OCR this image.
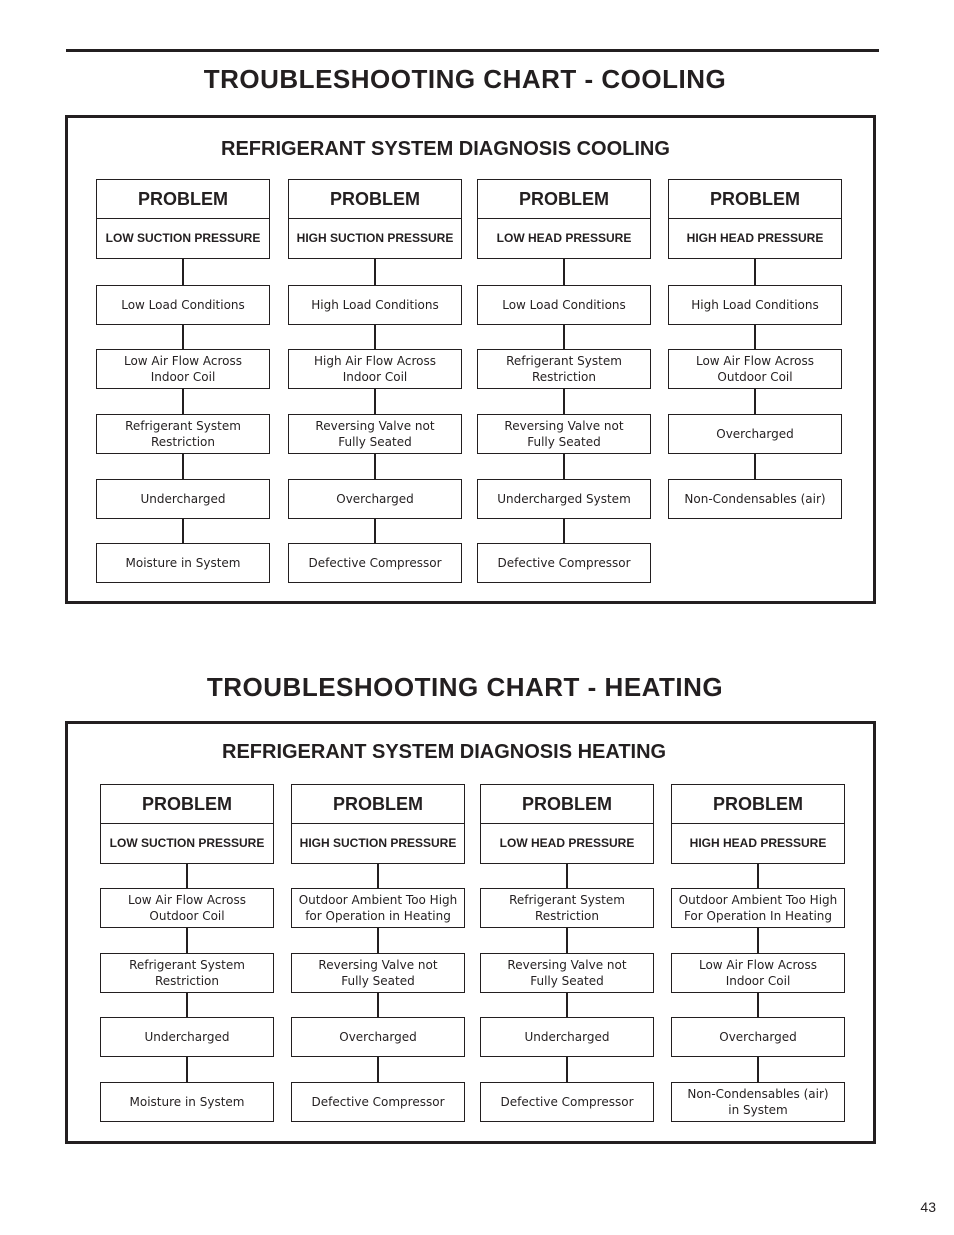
TROUBLESHOOTING CHART - COOLING
REFRIGERANT SYSTEM DIAGNOSIS COOLING
TROUBLESHOOTING CHART - HEATING
REFRIGERANT SYSTEM DIAGNOSIS HEATING
PROBLEM
LOW SUCTION PRESSURE
Low Load Conditions
Low Air Flow Across
Indoor Coil
Refrigerant System
Restriction
Undercharged
Moisture in System
PROBLEM
HIGH SUCTION PRESSURE
High Load Conditions
High Air Flow Across
Indoor Coil
Reversing Valve not
Fully Seated
Overcharged
Defective Compressor
PROBLEM
LOW HEAD PRESSURE
Low Load Conditions
Refrigerant System
Restriction
Reversing Valve not
Fully Seated
Undercharged System
Defective Compressor
PROBLEM
HIGH HEAD PRESSURE
High Load Conditions
Low Air Flow Across
Outdoor Coil
Overcharged
Non-Condensables (air)
PROBLEM
LOW SUCTION PRESSURE
Low Air Flow Across
Outdoor Coil
Refrigerant System
Restriction
Undercharged
Moisture in System
PROBLEM
HIGH SUCTION PRESSURE
Outdoor Ambient Too High
for Operation in Heating
Reversing Valve not
Fully Seated
Overcharged
Defective Compressor
PROBLEM
LOW HEAD PRESSURE
Refrigerant System
Restriction
Reversing Valve not
Fully Seated
Undercharged
Defective Compressor
PROBLEM
HIGH HEAD PRESSURE
Outdoor Ambient Too High
For Operation In Heating
Low Air Flow Across
Indoor Coil
Overcharged
Non-Condensables (air)
in System
43
